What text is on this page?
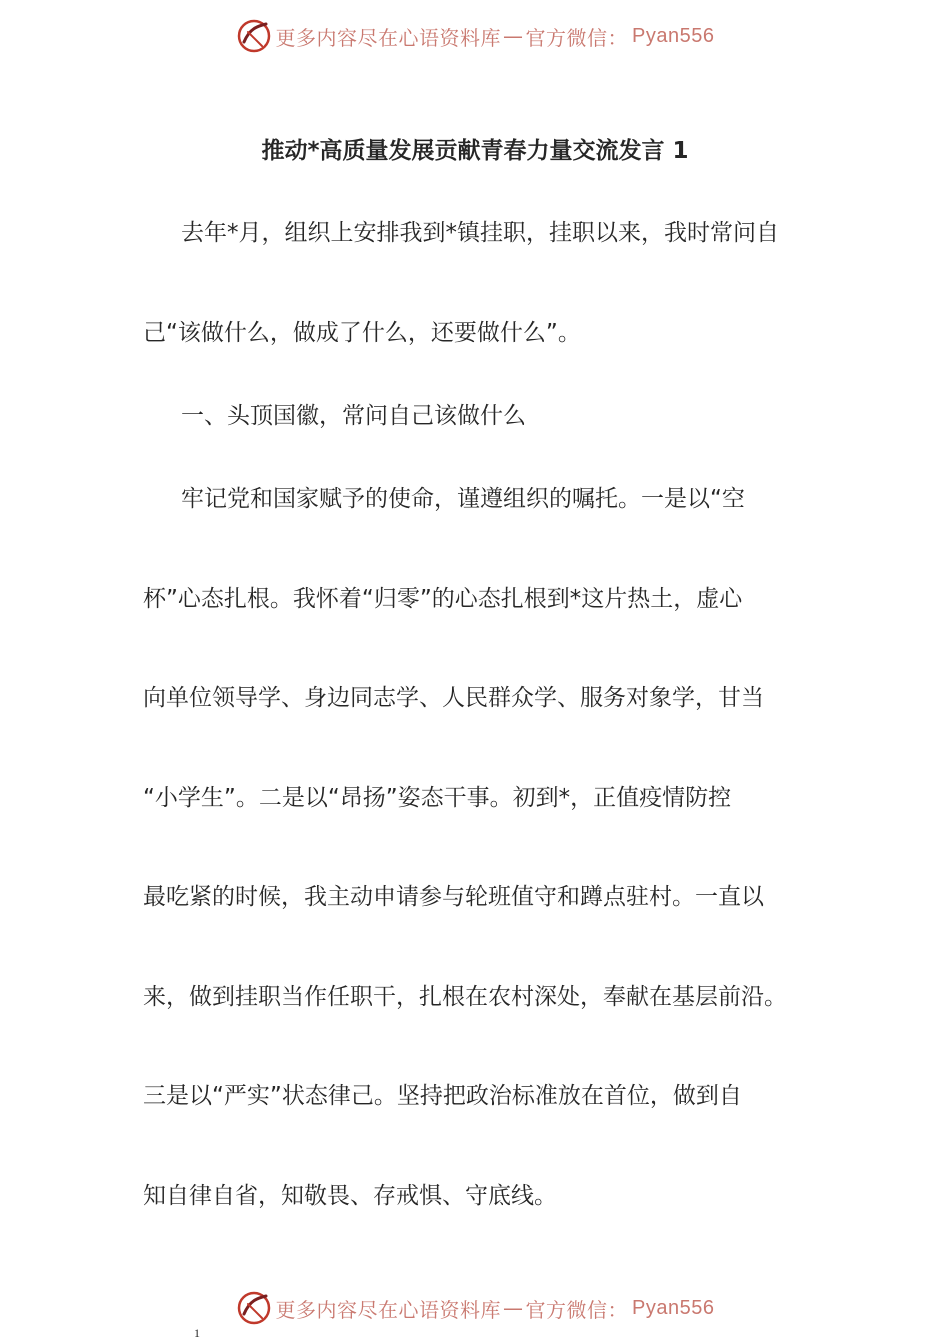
更多内容尽在心语资料库 — 官方微信： Pyan556
推动*高质量发展贡献青春力量交流发言 1
去年*月，组织上安排我到*镇挂职，挂职以来，我时常问自
己“该做什么，做成了什么，还要做什么”。
一、头顶国徽，常问自己该做什么
牢记党和国家赋予的使命，谨遵组织的嘱托。一是以“空
杯”心态扎根。我怀着“归零”的心态扎根到*这片热土，虚心
向单位领导学、身边同志学、人民群众学、服务对象学，甘当
“小学生”。二是以“昂扬”姿态干事。初到*，正值疫情防控
最吃紧的时候，我主动申请参与轮班值守和蹲点驻村。一直以
来，做到挂职当作任职干，扎根在农村深处，奉献在基层前沿。
三是以“严实”状态律己。坚持把政治标准放在首位，做到自
知自律自省，知敬畏、存戒惧、守底线。
更多内容尽在心语资料库 — 官方微信： Pyan556
1
